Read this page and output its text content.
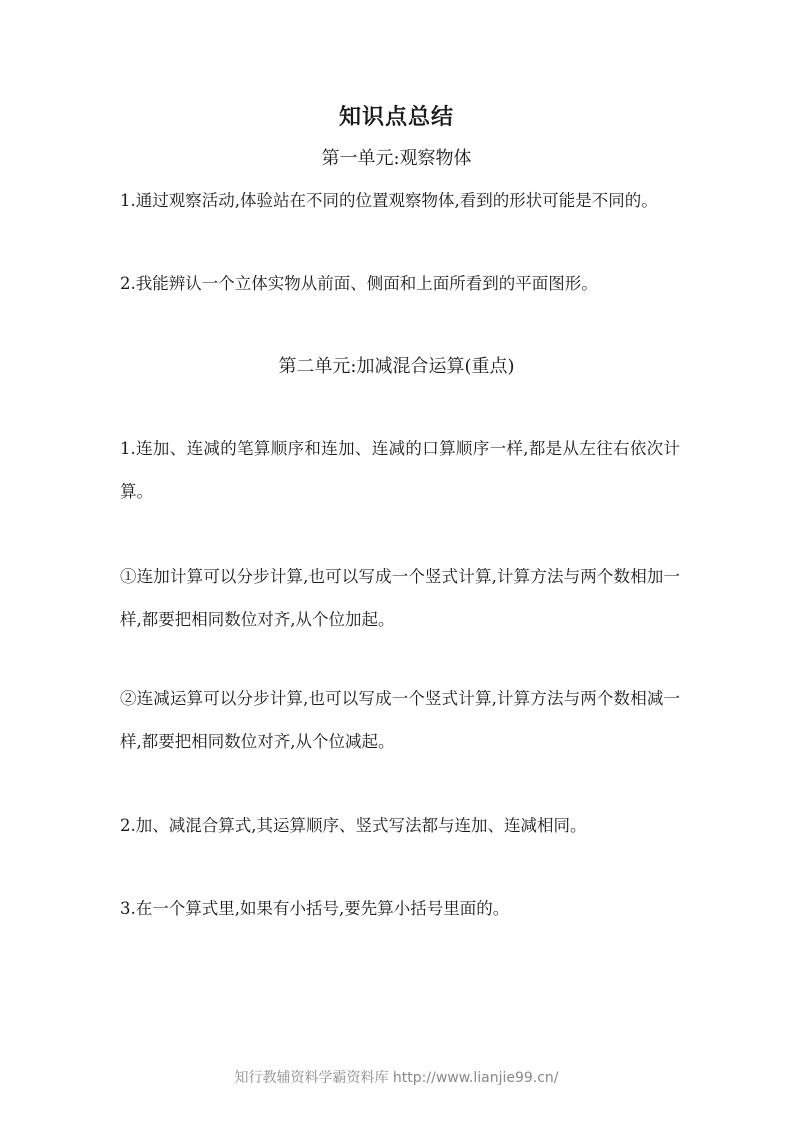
知识点总结
第一单元:观察物体

1.通过观察活动,体验站在不同的位置观察物体,看到的形状可能是不同的。

2.我能辨认一个立体实物从前面、侧面和上面所看到的平面图形。

第二单元:加减混合运算(重点)

1.连加、连减的笔算顺序和连加、连减的口算顺序一样,都是从左往右依次计算。

①连加计算可以分步计算,也可以写成一个竖式计算,计算方法与两个数相加一样,都要把相同数位对齐,从个位加起。

②连减运算可以分步计算,也可以写成一个竖式计算,计算方法与两个数相减一样,都要把相同数位对齐,从个位减起。

2.加、减混合算式,其运算顺序、竖式写法都与连加、连减相同。

3.在一个算式里,如果有小括号,要先算小括号里面的。

知行教辅资料学霸资料库 http://www.lianjie99.cn/
